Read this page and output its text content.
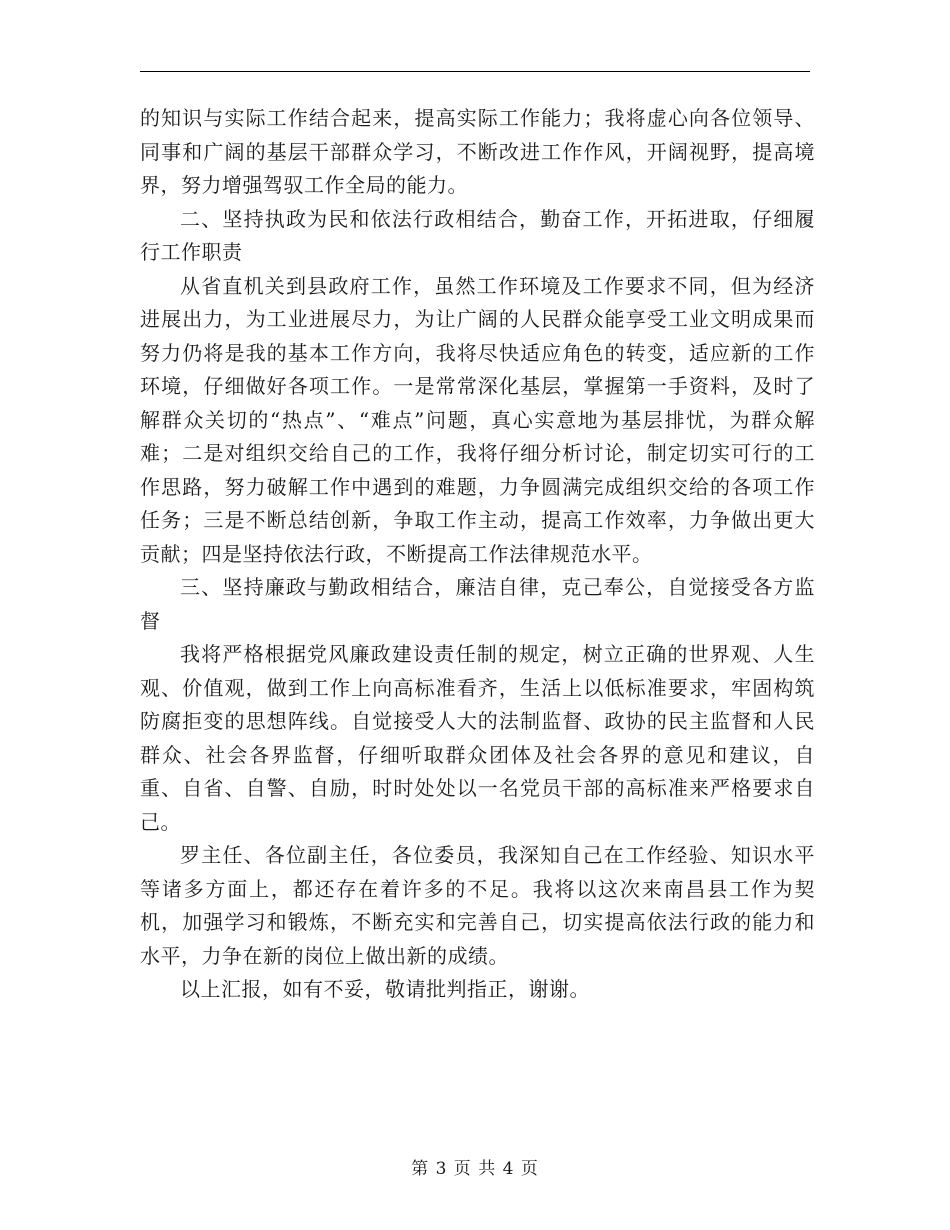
的知识与实际工作结合起来，提高实际工作能力；我将虚心向各位领导、同事和广阔的基层干部群众学习，不断改进工作作风，开阔视野，提高境界，努力增强驾驭工作全局的能力。

二、坚持执政为民和依法行政相结合，勤奋工作，开拓进取，仔细履行工作职责

从省直机关到县政府工作，虽然工作环境及工作要求不同，但为经济进展出力，为工业进展尽力，为让广阔的人民群众能享受工业文明成果而努力仍将是我的基本工作方向，我将尽快适应角色的转变，适应新的工作环境，仔细做好各项工作。一是常常深化基层，掌握第一手资料，及时了解群众关切的“热点”、“难点”问题，真心实意地为基层排忧，为群众解难；二是对组织交给自己的工作，我将仔细分析讨论，制定切实可行的工作思路，努力破解工作中遇到的难题，力争圆满完成组织交给的各项工作任务；三是不断总结创新，争取工作主动，提高工作效率，力争做出更大贡献；四是坚持依法行政，不断提高工作法律规范水平。

三、坚持廉政与勤政相结合，廉洁自律，克己奉公，自觉接受各方监督

我将严格根据党风廉政建设责任制的规定，树立正确的世界观、人生观、价值观，做到工作上向高标准看齐，生活上以低标准要求，牢固构筑防腐拒变的思想阵线。自觉接受人大的法制监督、政协的民主监督和人民群众、社会各界监督，仔细听取群众团体及社会各界的意见和建议，自重、自省、自警、自励，时时处处以一名党员干部的高标准来严格要求自己。

罗主任、各位副主任，各位委员，我深知自己在工作经验、知识水平等诸多方面上，都还存在着许多的不足。我将以这次来南昌县工作为契机，加强学习和锻炼，不断充实和完善自己，切实提高依法行政的能力和水平，力争在新的岗位上做出新的成绩。

以上汇报，如有不妥，敬请批判指正，谢谢。

第 3 页 共 4 页
